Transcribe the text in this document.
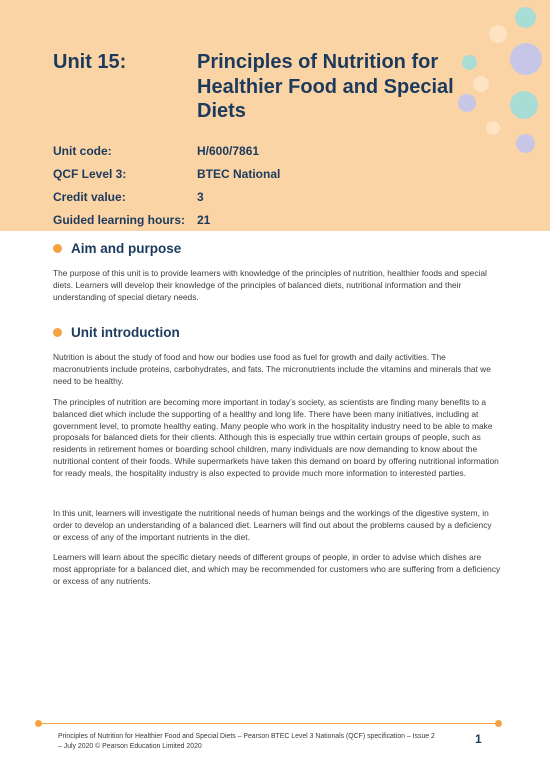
Unit 15:	Principles of Nutrition for Healthier Food and Special Diets
Unit code:	H/600/7861
QCF Level 3:	BTEC National
Credit value:	3
Guided learning hours: 21
Aim and purpose

The purpose of this unit is to provide learners with knowledge of the principles of nutrition, healthier foods and special diets. Learners will develop their knowledge of the principles of balanced diets, nutritional information and their understanding of special dietary needs.

Unit introduction

Nutrition is about the study of food and how our bodies use food as fuel for growth and daily activities. The macronutrients include proteins, carbohydrates, and fats. The micronutrients include the vitamins and minerals that we need to be healthy.

The principles of nutrition are becoming more important in today’s society, as scientists are finding many benefits to a balanced diet which include the supporting of a healthy and long life. There have been many initiatives, including at government level, to promote healthy eating. Many people who work in the hospitality industry need to be able to make proposals for balanced diets for their clients. Although this is especially true within certain groups of people, such as residents in retirement homes or boarding school children, many individuals are now demanding to know about the nutritional content of their foods. While supermarkets have taken this demand on board by offering nutritional information for ready meals, the hospitality industry is also expected to provide much more information to interested parties.

In this unit, learners will investigate the nutritional needs of human beings and the workings of the digestive system, in order to develop an understanding of a balanced diet. Learners will find out about the problems caused by a deficiency or excess of any of the important nutrients in the diet.

Learners will learn about the specific dietary needs of different groups of people, in order to advise which dishes are most appropriate for a balanced diet, and which may be recommended for customers who are suffering from a deficiency or excess of any nutrients.

Principles of Nutrition for Healthier Food and Special Diets – Pearson BTEC Level 3 Nationals (QCF) specification – Issue 2 – July 2020 © Pearson Education Limited 2020	1
